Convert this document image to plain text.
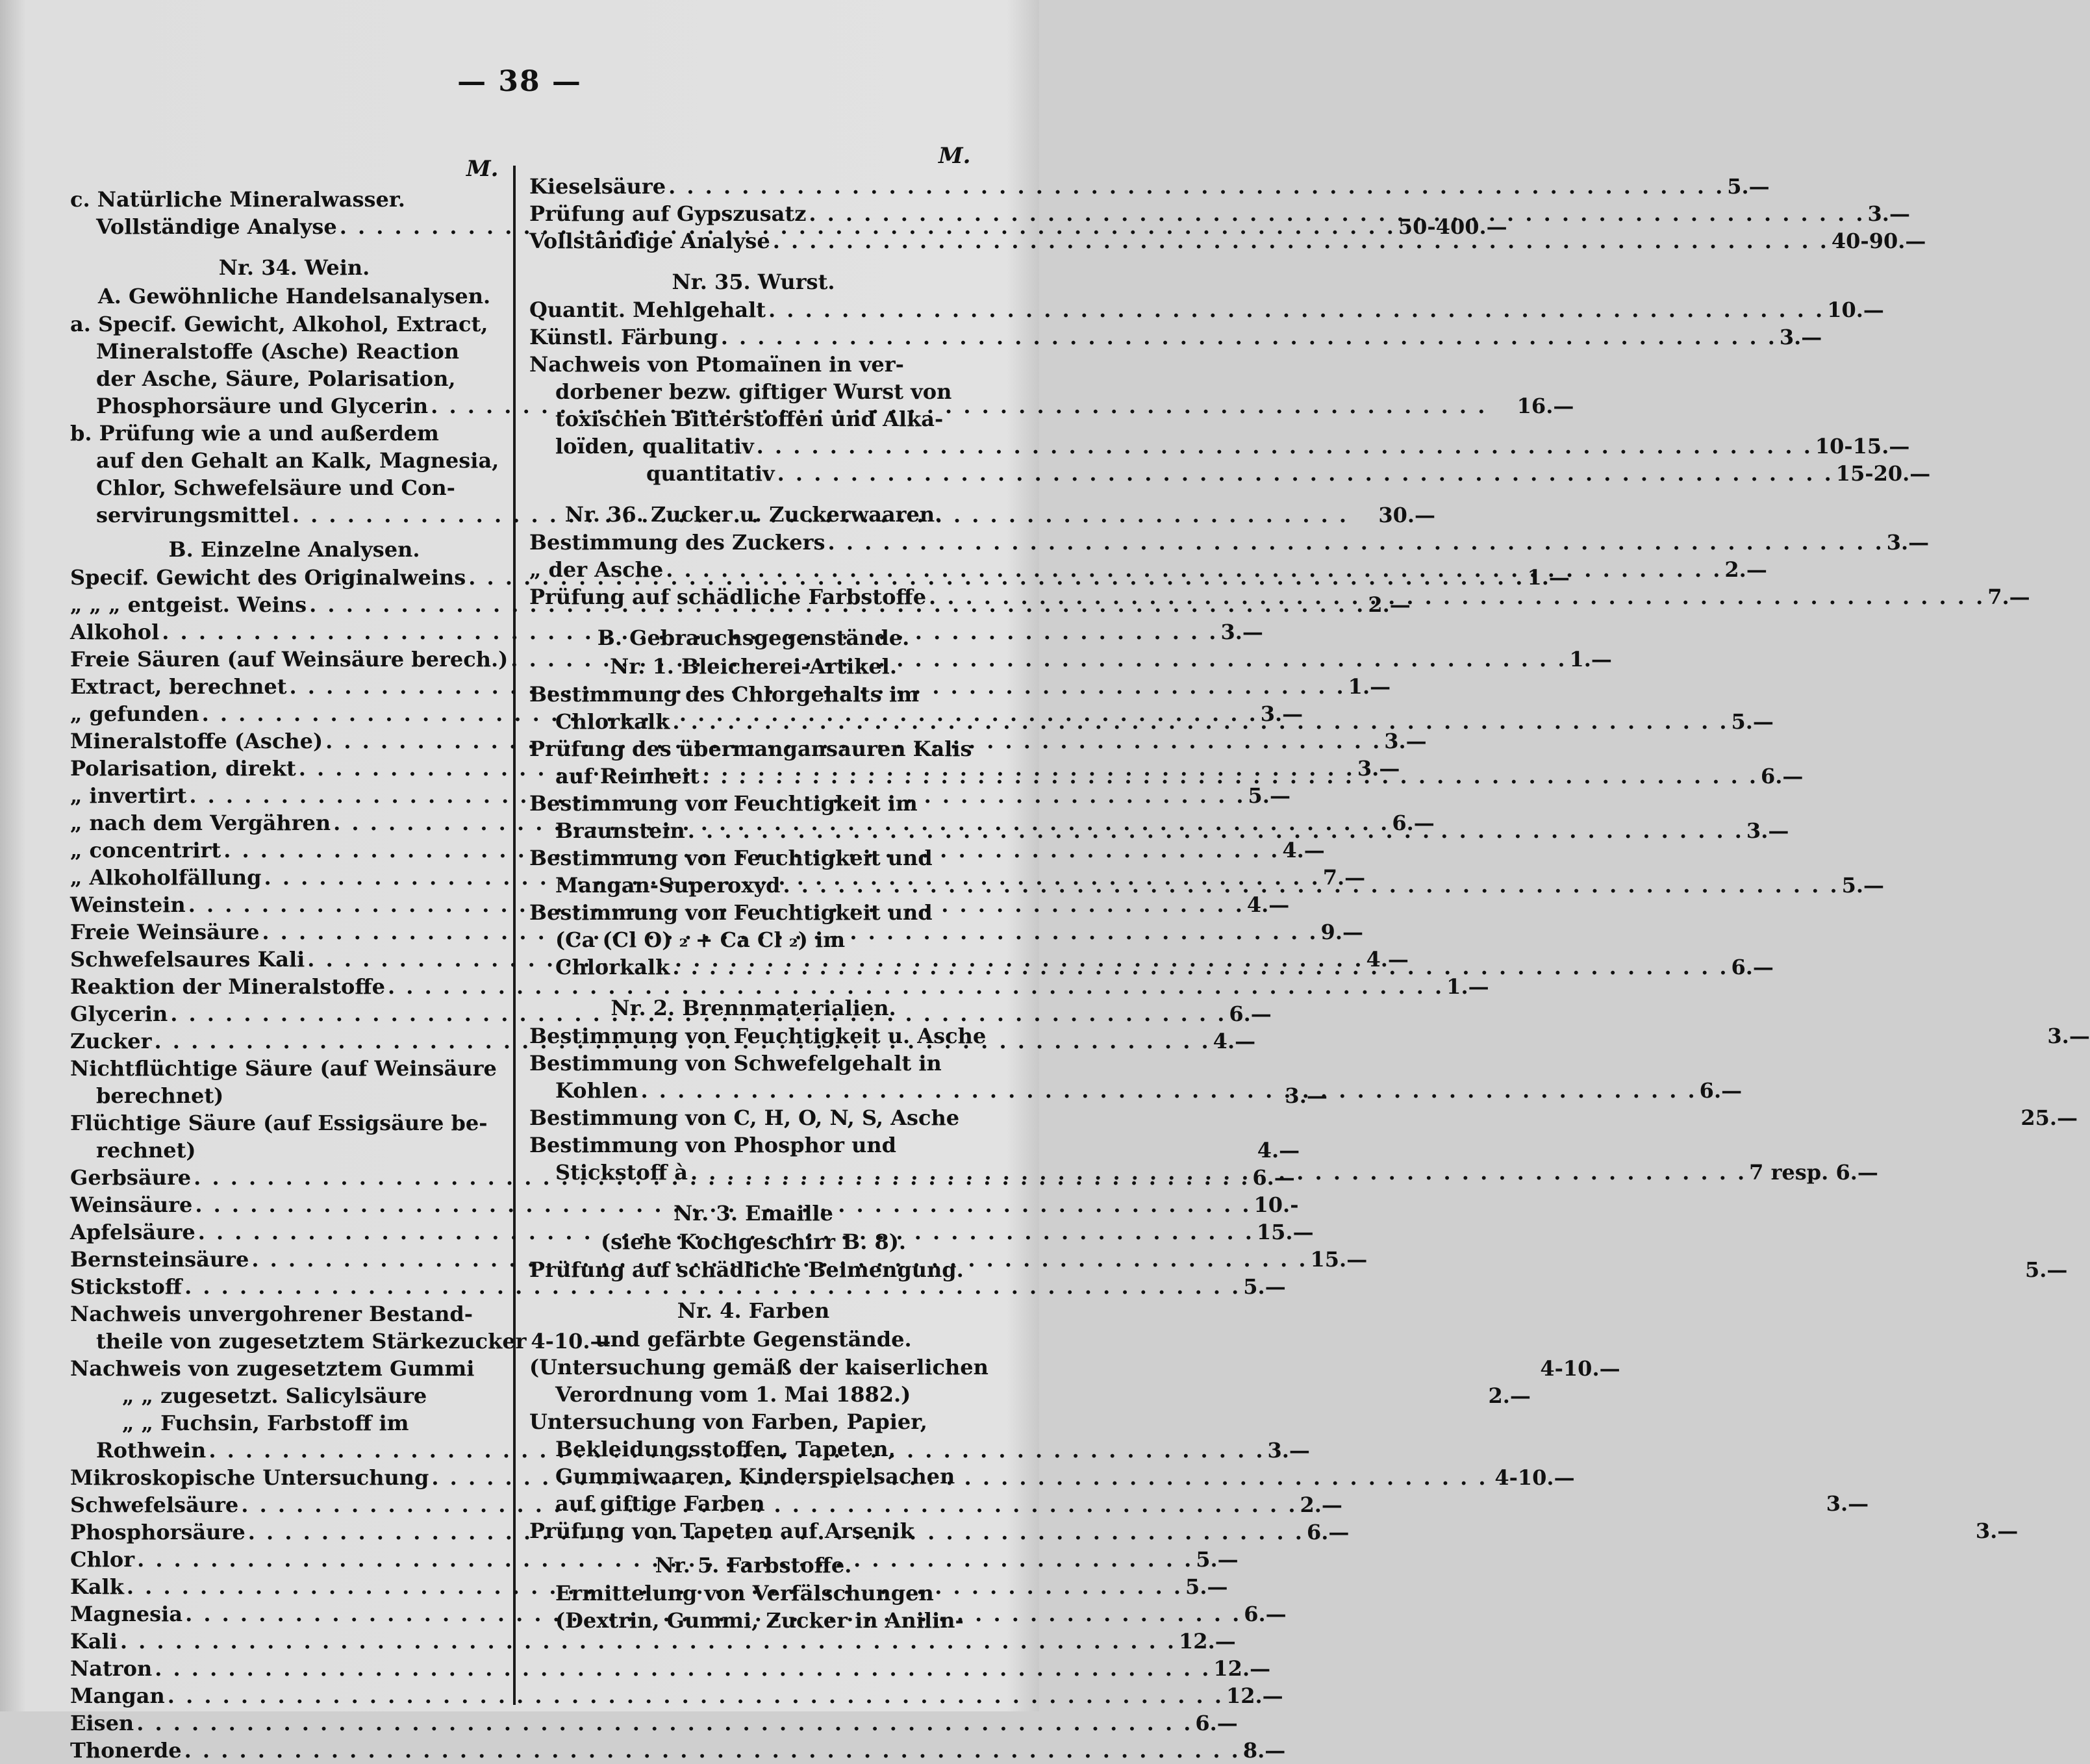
— 38 —
M.
c. Natürliche Mineralwasser.
Vollständige Analyse . . .	50-400.—
Nr. 34. Wein.
A. Gewöhnliche Handelsanalysen.
a. Specif. Gewicht, Alkohol, Extract,
Mineralstoffe (Asche) Reaction
der Asche, Säure, Polarisation,
Phosphorsäure und Glycerin . . .	16.—
b. Prüfung wie a und außerdem
auf den Gehalt an Kalk, Magnesia,
Chlor, Schwefelsäure und Con-
servirungsmittel . . .	30.—
B. Einzelne Analysen.
Specif. Gewicht des Originalweins . . .	1.—
„ „ „ entgeist. Weins . . .	2.—
Alkohol . . .	3.—
Freie Säuren (auf Weinsäure berech.) . . .	1.—
Extract, berechnet . . .	1.—
„ gefunden . . .	3.—
Mineralstoffe (Asche) . . .	3.—
Polarisation, direkt . . .	3.—
„ invertirt . . .	5.—
„ nach dem Vergähren . . .	6.—
„ concentrirt . . .	4.—
„ Alkoholfällung . . .	7.—
Weinstein . . .	4.—
Freie Weinsäure . . .	9.—
Schwefelsaures Kali . . .	4.—
Reaktion der Mineralstoffe . . .	1.—
Glycerin . . .	6.—
Zucker . . .	4.—
Nichtflüchtige Säure (auf Weinsäure
berechnet)	3.—
Flüchtige Säure (auf Essigsäure be-
rechnet)	4.—
Gerbsäure . . .	6.—
Weinsäure . . .	10.-
Apfelsäure . . .	15.—
Bernsteinsäure . . .	15.—
Stickstoff . . .	5.—
Nachweis unvergohrener Bestand-
theile von zugesetztem Stärkezucker 4-10.—
Nachweis von zugesetztem Gummi	4-10.—
„ „ zugesetzt. Salicylsäure	2.—
„ „ Fuchsin, Farbstoff im
Rothwein . . .	3.—
Mikroskopische Untersuchung . . .	4-10.—
Schwefelsäure . . .	2.—
Phosphorsäure . . .	6.—
Chlor . . .	5.—
Kalk . . .	5.—
Magnesia . . .	6.—
Kali . . .	12.—
Natron . . .	12.—
Mangan . . .	12.—
Eisen . . .	6.—
Thonerde . . .	8.—
M.
Kieselsäure . . .	5.—
Prüfung auf Gypszusatz . . .	3.—
Vollständige Analyse . . .	40-90.—
Nr. 35. Wurst.
Quantit. Mehlgehalt . . .	10.—
Künstl. Färbung . . .	3.—
Nachweis von Ptomaïnen in ver-
dorbener bezw. giftiger Wurst von
toxischen Bitterstoffen und Alka-
loïden, qualitativ . . .	10-15.—
quantitativ . . .	15-20.—
Nr. 36. Zucker u. Zuckerwaaren.
Bestimmung des Zuckers . . .	3.—
„ der Asche . . .	2.—
Prüfung auf schädliche Farbstoffe . . .	7.—
B. Gebrauchsgegenstände.
Nr. 1. Bleicherei-Artikel.
Bestimmung des Chlorgehalts im
Chlorkalk . . .	5.—
Prüfung des übermangansauren Kalis
auf Reinheit . . .	6.—
Bestimmung von Feuchtigkeit im
Braunstein . . .	3.—
Bestimmung von Feuchtigkeit und
Mangan-Superoxyd . . .	5.—
Bestimmung von Feuchtigkeit und
(Ca (Cl O) ₂ + Ca Cl ₂) im
Chlorkalk . . .	6.—
Nr. 2. Brennmaterialien.
Bestimmung von Feuchtigkeit u. Asche	3.—
Bestimmung von Schwefelgehalt in
Kohlen . . .	6.—
Bestimmung von C, H, O, N, S, Asche	25.—
Bestimmung von Phosphor und
Stickstoff à . . .	7 resp. 6.—
Nr. 3. Emaille
(siehe Kochgeschirr B. 8).
Prüfung auf schädliche Beimengung.	5.—
Nr. 4. Farben
und gefärbte Gegenstände.
(Untersuchung gemäß der kaiserlichen
Verordnung vom 1. Mai 1882.)
Untersuchung von Farben, Papier,
Bekleidungsstoffen, Tapeten,
Gummiwaaren, Kinderspielsachen
auf giftige Farben	3.—
Prüfung von Tapeten auf Arsenik	3.—
Nr. 5. Farbstoffe.
Ermittelung von Verfälschungen
(Dextrin, Gummi, Zucker in Anilin-
